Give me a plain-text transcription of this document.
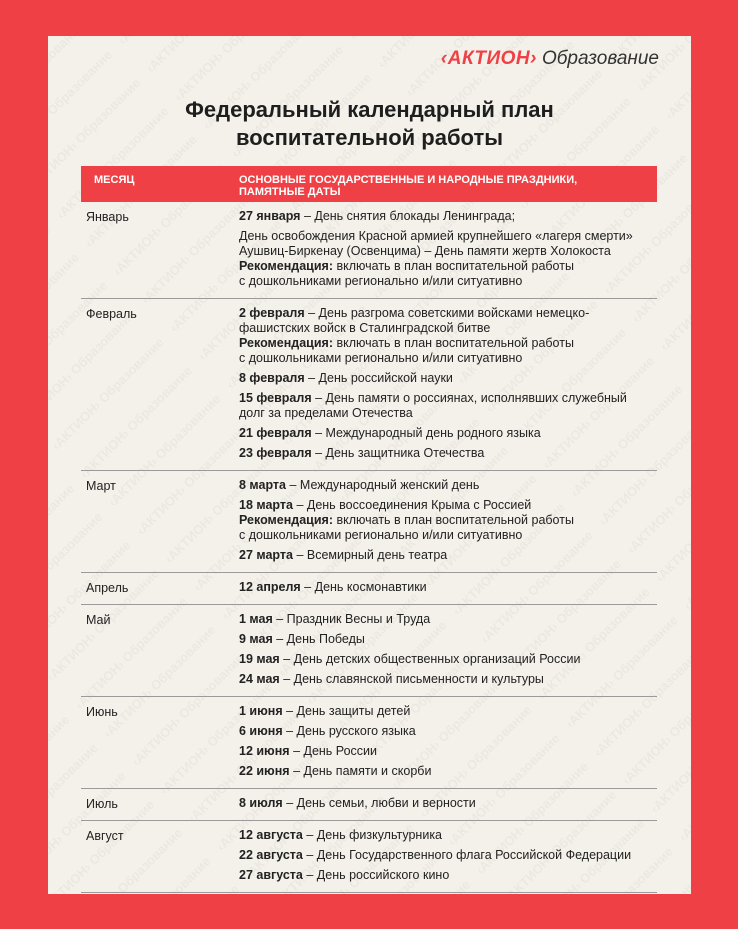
‹АКТИОН› Образование
Федеральный календарный план
воспитательной работы
МЕСЯЦ	ОСНОВНЫЕ ГОСУДАРСТВЕННЫЕ И НАРОДНЫЕ ПРАЗДНИКИ,
ПАМЯТНЫЕ ДАТЫ
Январь	27 января – День снятия блокады Ленинграда;
День освобождения Красной армией крупнейшего «лагеря смерти»
Аушвиц-Биркенау (Освенцима) – День памяти жертв Холокоста
Рекомендация: включать в план воспитательной работы
с дошкольниками регионально и/или ситуативно
Февраль	2 февраля – День разгрома советскими войсками немецко-
фашистских войск в Сталинградской битве
Рекомендация: включать в план воспитательной работы
с дошкольниками регионально и/или ситуативно
8 февраля – День российской науки
15 февраля – День памяти о россиянах, исполнявших служебный
долг за пределами Отечества
21 февраля – Международный день родного языка
23 февраля – День защитника Отечества
Март	8 марта – Международный женский день
18 марта – День воссоединения Крыма с Россией
Рекомендация: включать в план воспитательной работы
с дошкольниками регионально и/или ситуативно
27 марта – Всемирный день театра
Апрель	12 апреля – День космонавтики
Май	1 мая – Праздник Весны и Труда
9 мая – День Победы
19 мая – День детских общественных организаций России
24 мая – День славянской письменности и культуры
Июнь	1 июня – День защиты детей
6 июня – День русского языка
12 июня – День России
22 июня – День памяти и скорби
Июль	8 июля – День семьи, любви и верности
Август	12 августа – День физкультурника
22 августа – День Государственного флага Российской Федерации
27 августа – День российского кино
